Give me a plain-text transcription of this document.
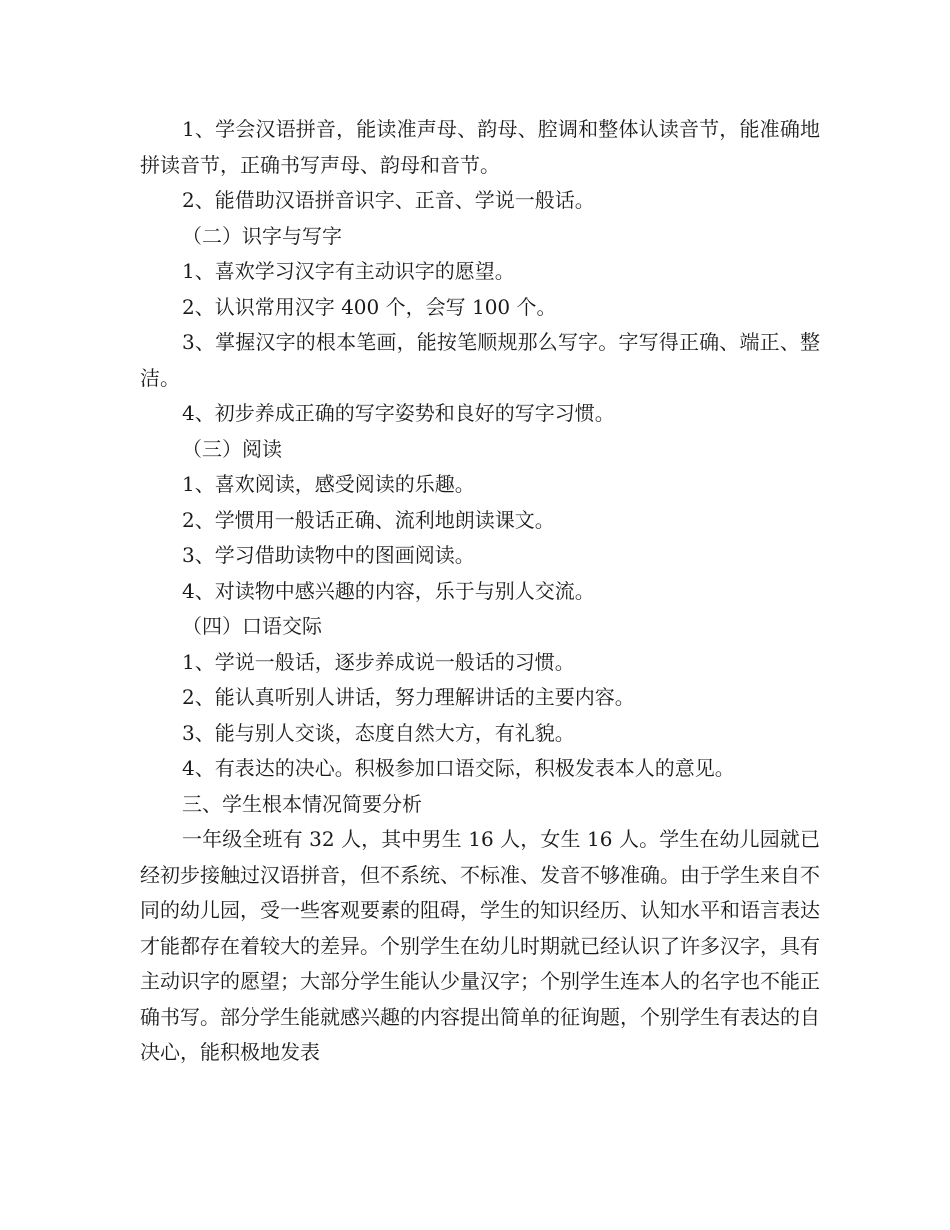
1、学会汉语拼音，能读准声母、韵母、腔调和整体认读音节，能准确地拼读音节，正确书写声母、韵母和音节。

2、能借助汉语拼音识字、正音、学说一般话。

（二）识字与写字

1、喜欢学习汉字有主动识字的愿望。

2、认识常用汉字 400 个，会写 100 个。

3、掌握汉字的根本笔画，能按笔顺规那么写字。字写得正确、端正、整洁。

4、初步养成正确的写字姿势和良好的写字习惯。

（三）阅读

1、喜欢阅读，感受阅读的乐趣。

2、学惯用一般话正确、流利地朗读课文。

3、学习借助读物中的图画阅读。

4、对读物中感兴趣的内容，乐于与别人交流。

（四）口语交际

1、学说一般话，逐步养成说一般话的习惯。

2、能认真听别人讲话，努力理解讲话的主要内容。

3、能与别人交谈，态度自然大方，有礼貌。

4、有表达的决心。积极参加口语交际，积极发表本人的意见。

三、学生根本情况简要分析

一年级全班有 32 人，其中男生 16 人，女生 16 人。学生在幼儿园就已经初步接触过汉语拼音，但不系统、不标准、发音不够准确。由于学生来自不同的幼儿园，受一些客观要素的阻碍，学生的知识经历、认知水平和语言表达才能都存在着较大的差异。个别学生在幼儿时期就已经认识了许多汉字，具有主动识字的愿望；大部分学生能认少量汉字；个别学生连本人的名字也不能正确书写。部分学生能就感兴趣的内容提出简单的征询题，个别学生有表达的自决心，能积极地发表
